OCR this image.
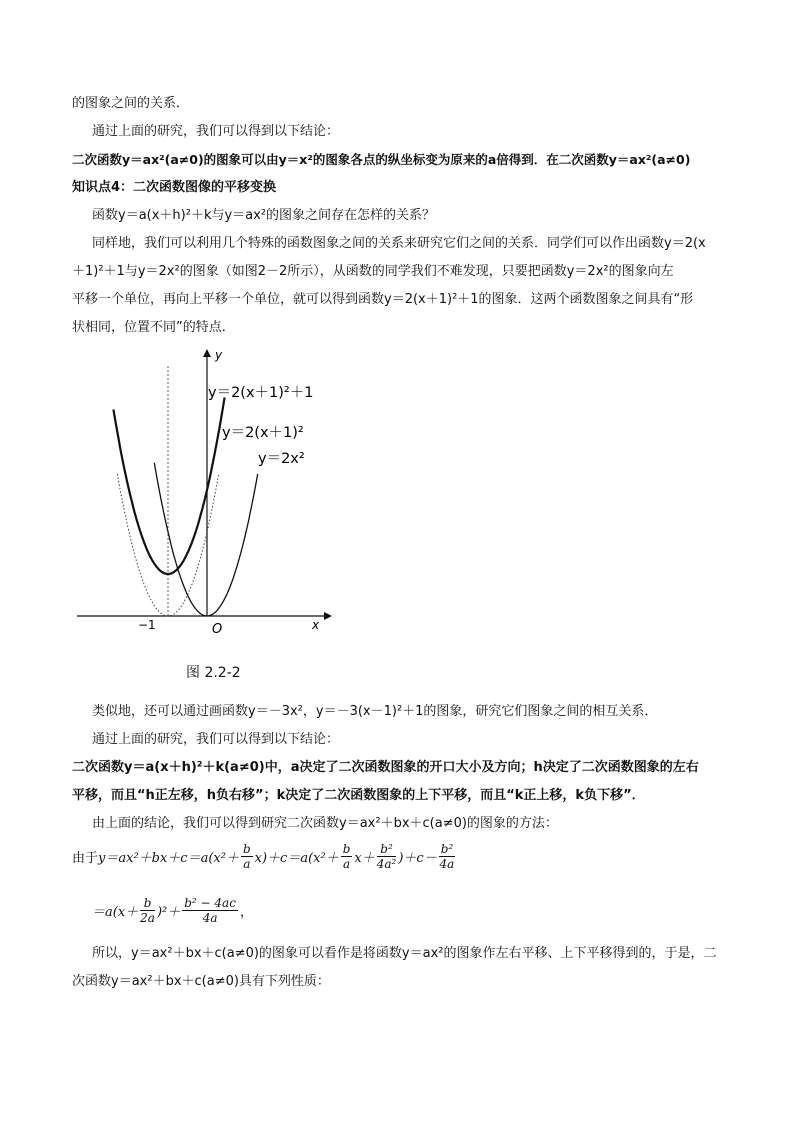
的图象之间的关系．
通过上面的研究，我们可以得到以下结论：
二次函数y＝ax²(a≠0)的图象可以由y＝x²的图象各点的纵坐标变为原来的a倍得到．在二次函数y＝ax²(a≠0)
知识点4：二次函数图像的平移变换
函数y＝a(x＋h)²＋k与y＝ax²的图象之间存在怎样的关系？
同样地，我们可以利用几个特殊的函数图象之间的关系来研究它们之间的关系．同学们可以作出函数y＝2(x
＋1)²＋1与y＝2x²的图象（如图2－2所示），从函数的同学我们不难发现，只要把函数y＝2x²的图象向左
平移一个单位，再向上平移一个单位，就可以得到函数y＝2(x＋1)²＋1的图象．这两个函数图象之间具有“形
状相同，位置不同”的特点．
x
y
O
−1
y＝2(x＋1)²＋1
y＝2(x＋1)²
y＝2x²
图 2.2-2
类似地，还可以通过画函数y＝－3x²，y＝－3(x－1)²＋1的图象，研究它们图象之间的相互关系．
通过上面的研究，我们可以得到以下结论：
二次函数y＝a(x＋h)²＋k(a≠0)中，a决定了二次函数图象的开口大小及方向；h决定了二次函数图象的左右
平移，而且“h正左移，h负右移”；k决定了二次函数图象的上下平移，而且“k正上移，k负下移”．
由上面的结论，我们可以得到研究二次函数y＝ax²＋bx＋c(a≠0)的图象的方法：
由于 $y=ax^2+bx+c=a(x^2+ \frac{b}{a} x)+c=a(x^2+ \frac{b}{a} x+ \frac{\text{b²}}{\text{4a²}} )+c- \frac{\text{b²}}{4a}$
$=a(x+ \frac{b}{2a} )^2+ \frac{\text{b² − 4ac}}{4a}$ ，
所以，y＝ax²＋bx＋c(a≠0)的图象可以看作是将函数y＝ax²的图象作左右平移、上下平移得到的，于是，二
次函数y＝ax²＋bx＋c(a≠0)具有下列性质：
